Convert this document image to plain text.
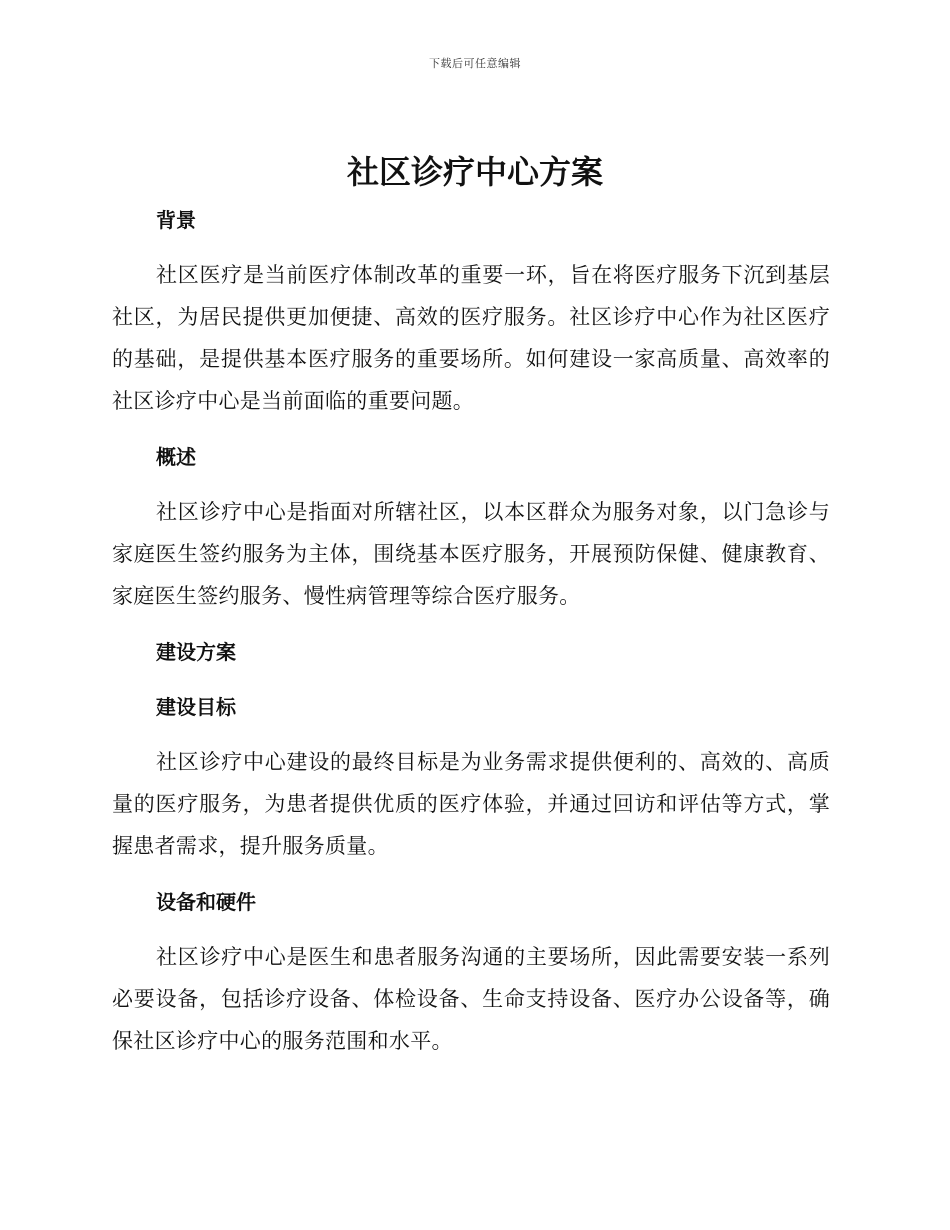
下载后可任意编辑
社区诊疗中心方案
背景

社区医疗是当前医疗体制改革的重要一环，旨在将医疗服务下沉到基层社区，为居民提供更加便捷、高效的医疗服务。社区诊疗中心作为社区医疗的基础，是提供基本医疗服务的重要场所。如何建设一家高质量、高效率的社区诊疗中心是当前面临的重要问题。

概述

社区诊疗中心是指面对所辖社区，以本区群众为服务对象，以门急诊与家庭医生签约服务为主体，围绕基本医疗服务，开展预防保健、健康教育、家庭医生签约服务、慢性病管理等综合医疗服务。

建设方案
建设目标

社区诊疗中心建设的最终目标是为业务需求提供便利的、高效的、高质量的医疗服务，为患者提供优质的医疗体验，并通过回访和评估等方式，掌握患者需求，提升服务质量。

设备和硬件

社区诊疗中心是医生和患者服务沟通的主要场所，因此需要安装一系列必要设备，包括诊疗设备、体检设备、生命支持设备、医疗办公设备等，确保社区诊疗中心的服务范围和水平。
